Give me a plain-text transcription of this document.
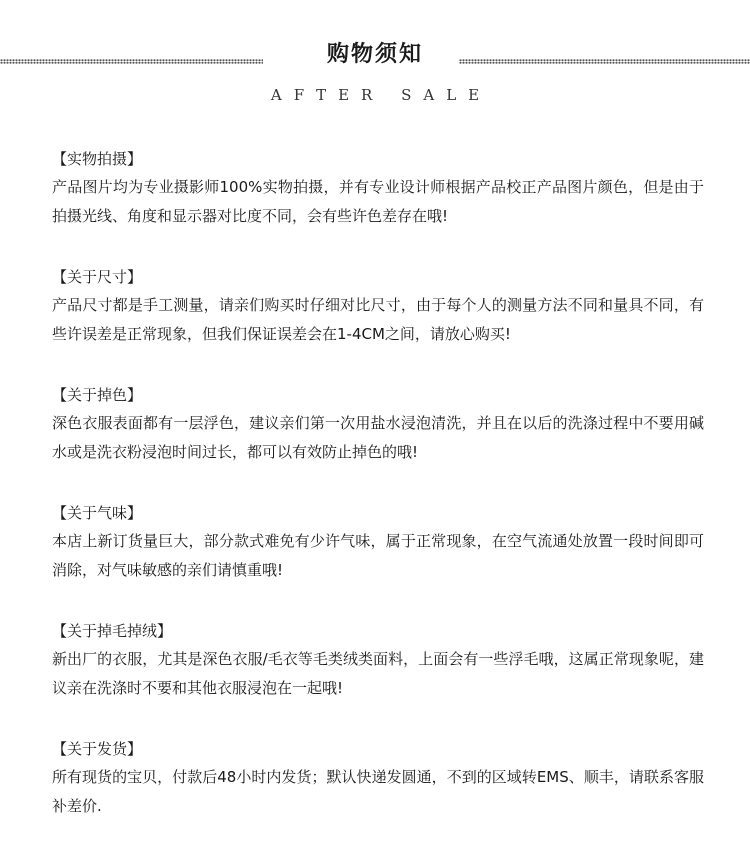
购物须知
AFTER SALE
【实物拍摄】
产品图片均为专业摄影师100%实物拍摄，并有专业设计师根据产品校正产品图片颜色，但是由于拍摄光线、角度和显示器对比度不同，会有些许色差存在哦!
【关于尺寸】
产品尺寸都是手工测量，请亲们购买时仔细对比尺寸，由于每个人的测量方法不同和量具不同，有些许误差是正常现象，但我们保证误差会在1-4CM之间，请放心购买!
【关于掉色】
深色衣服表面都有一层浮色，建议亲们第一次用盐水浸泡清洗，并且在以后的洗涤过程中不要用碱水或是洗衣粉浸泡时间过长，都可以有效防止掉色的哦!
【关于气味】
本店上新订货量巨大，部分款式难免有少许气味，属于正常现象，在空气流通处放置一段时间即可消除，对气味敏感的亲们请慎重哦!
【关于掉毛掉绒】
新出厂的衣服，尤其是深色衣服/毛衣等毛类绒类面料，上面会有一些浮毛哦，这属正常现象呢，建议亲在洗涤时不要和其他衣服浸泡在一起哦!
【关于发货】
所有现货的宝贝，付款后48小时内发货；默认快递发圆通，不到的区域转EMS、顺丰，请联系客服补差价.
